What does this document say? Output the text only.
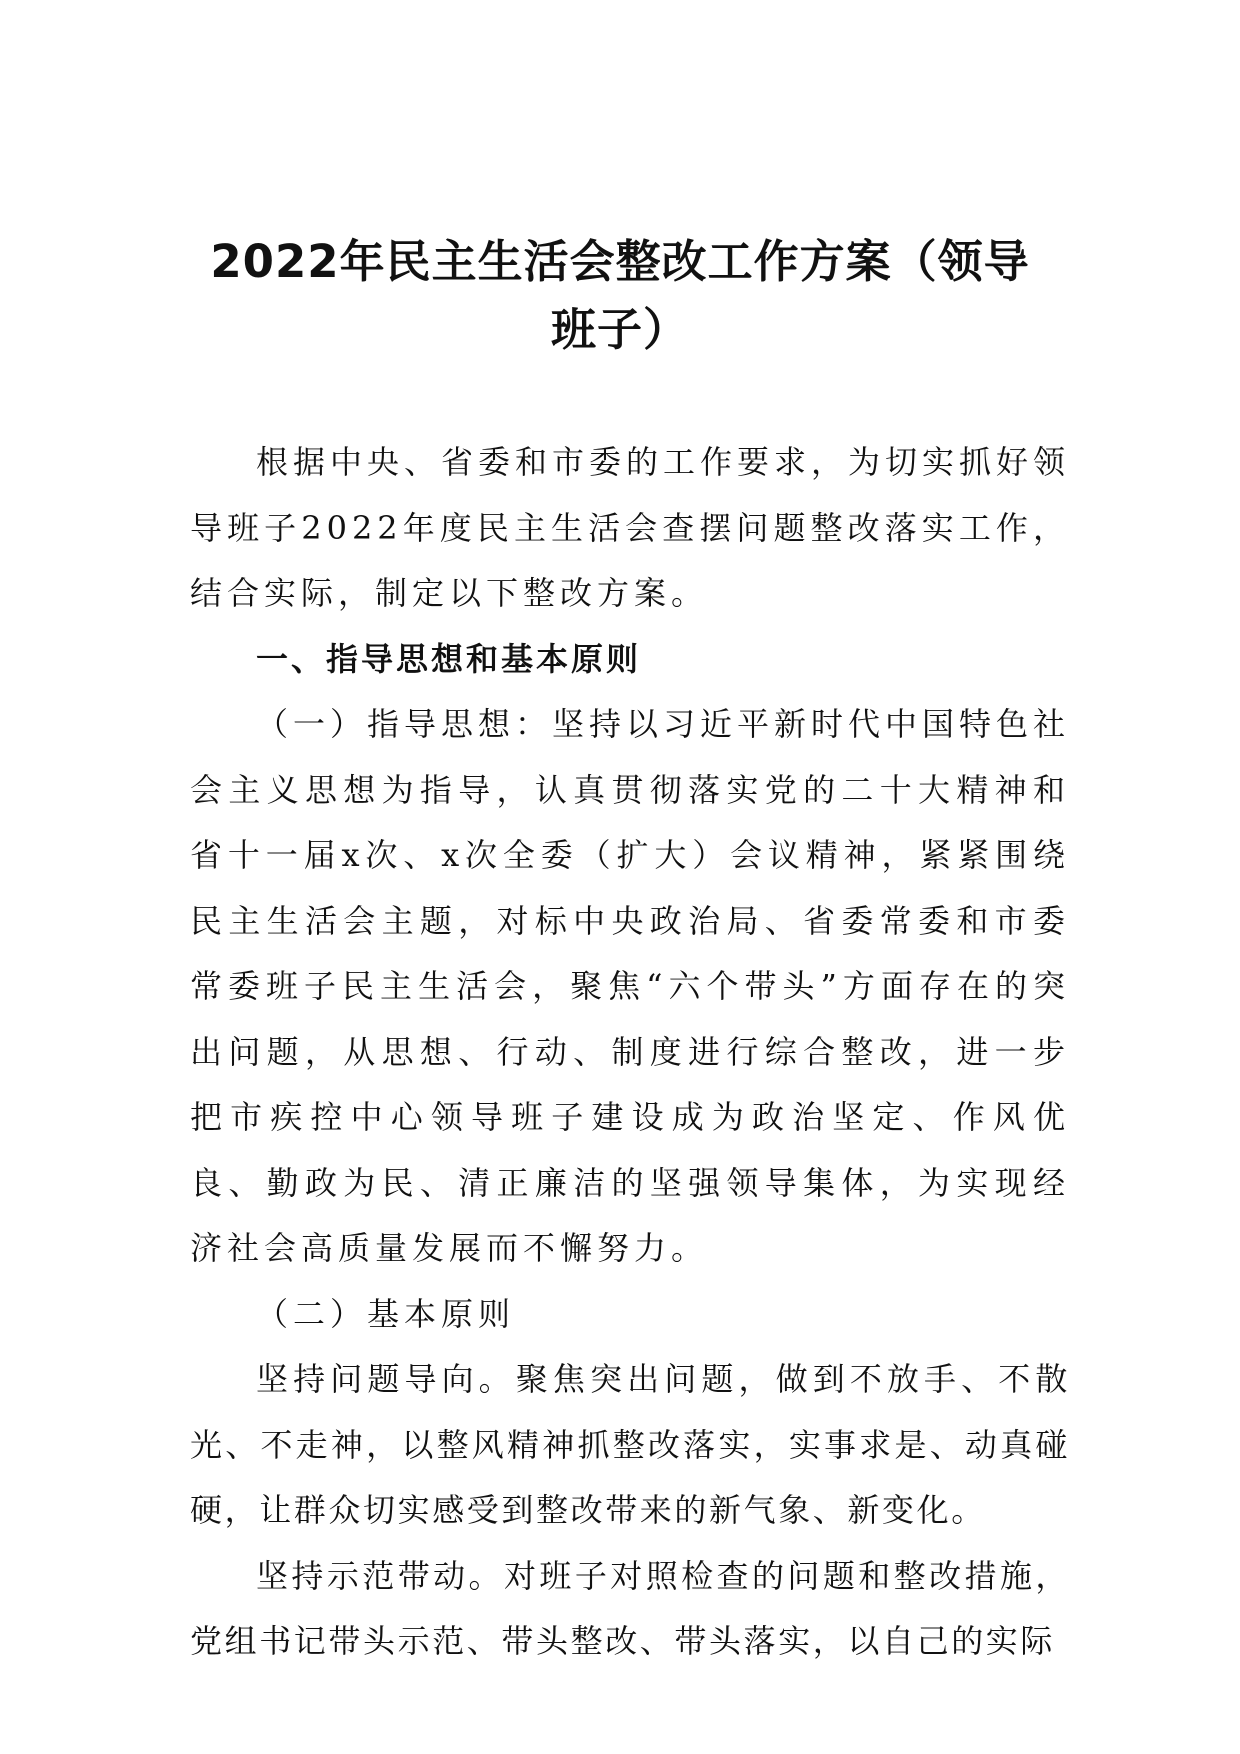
2022年民主生活会整改工作方案（领导班子）

根据中央、省委和市委的工作要求，为切实抓好领导班子2022年度民主生活会查摆问题整改落实工作，结合实际，制定以下整改方案。

一、指导思想和基本原则

（一）指导思想：坚持以习近平新时代中国特色社会主义思想为指导，认真贯彻落实党的二十大精神和省十一届x次、x次全委（扩大）会议精神，紧紧围绕民主生活会主题，对标中央政治局、省委常委和市委常委班子民主生活会，聚焦“六个带头”方面存在的突出问题，从思想、行动、制度进行综合整改，进一步把市疾控中心领导班子建设成为政治坚定、作风优良、勤政为民、清正廉洁的坚强领导集体，为实现经济社会高质量发展而不懈努力。

（二）基本原则

坚持问题导向。聚焦突出问题，做到不放手、不散光、不走神，以整风精神抓整改落实，实事求是、动真碰硬，让群众切实感受到整改带来的新气象、新变化。

坚持示范带动。对班子对照检查的问题和整改措施，党组书记带头示范、带头整改、带头落实，以自己的实际
